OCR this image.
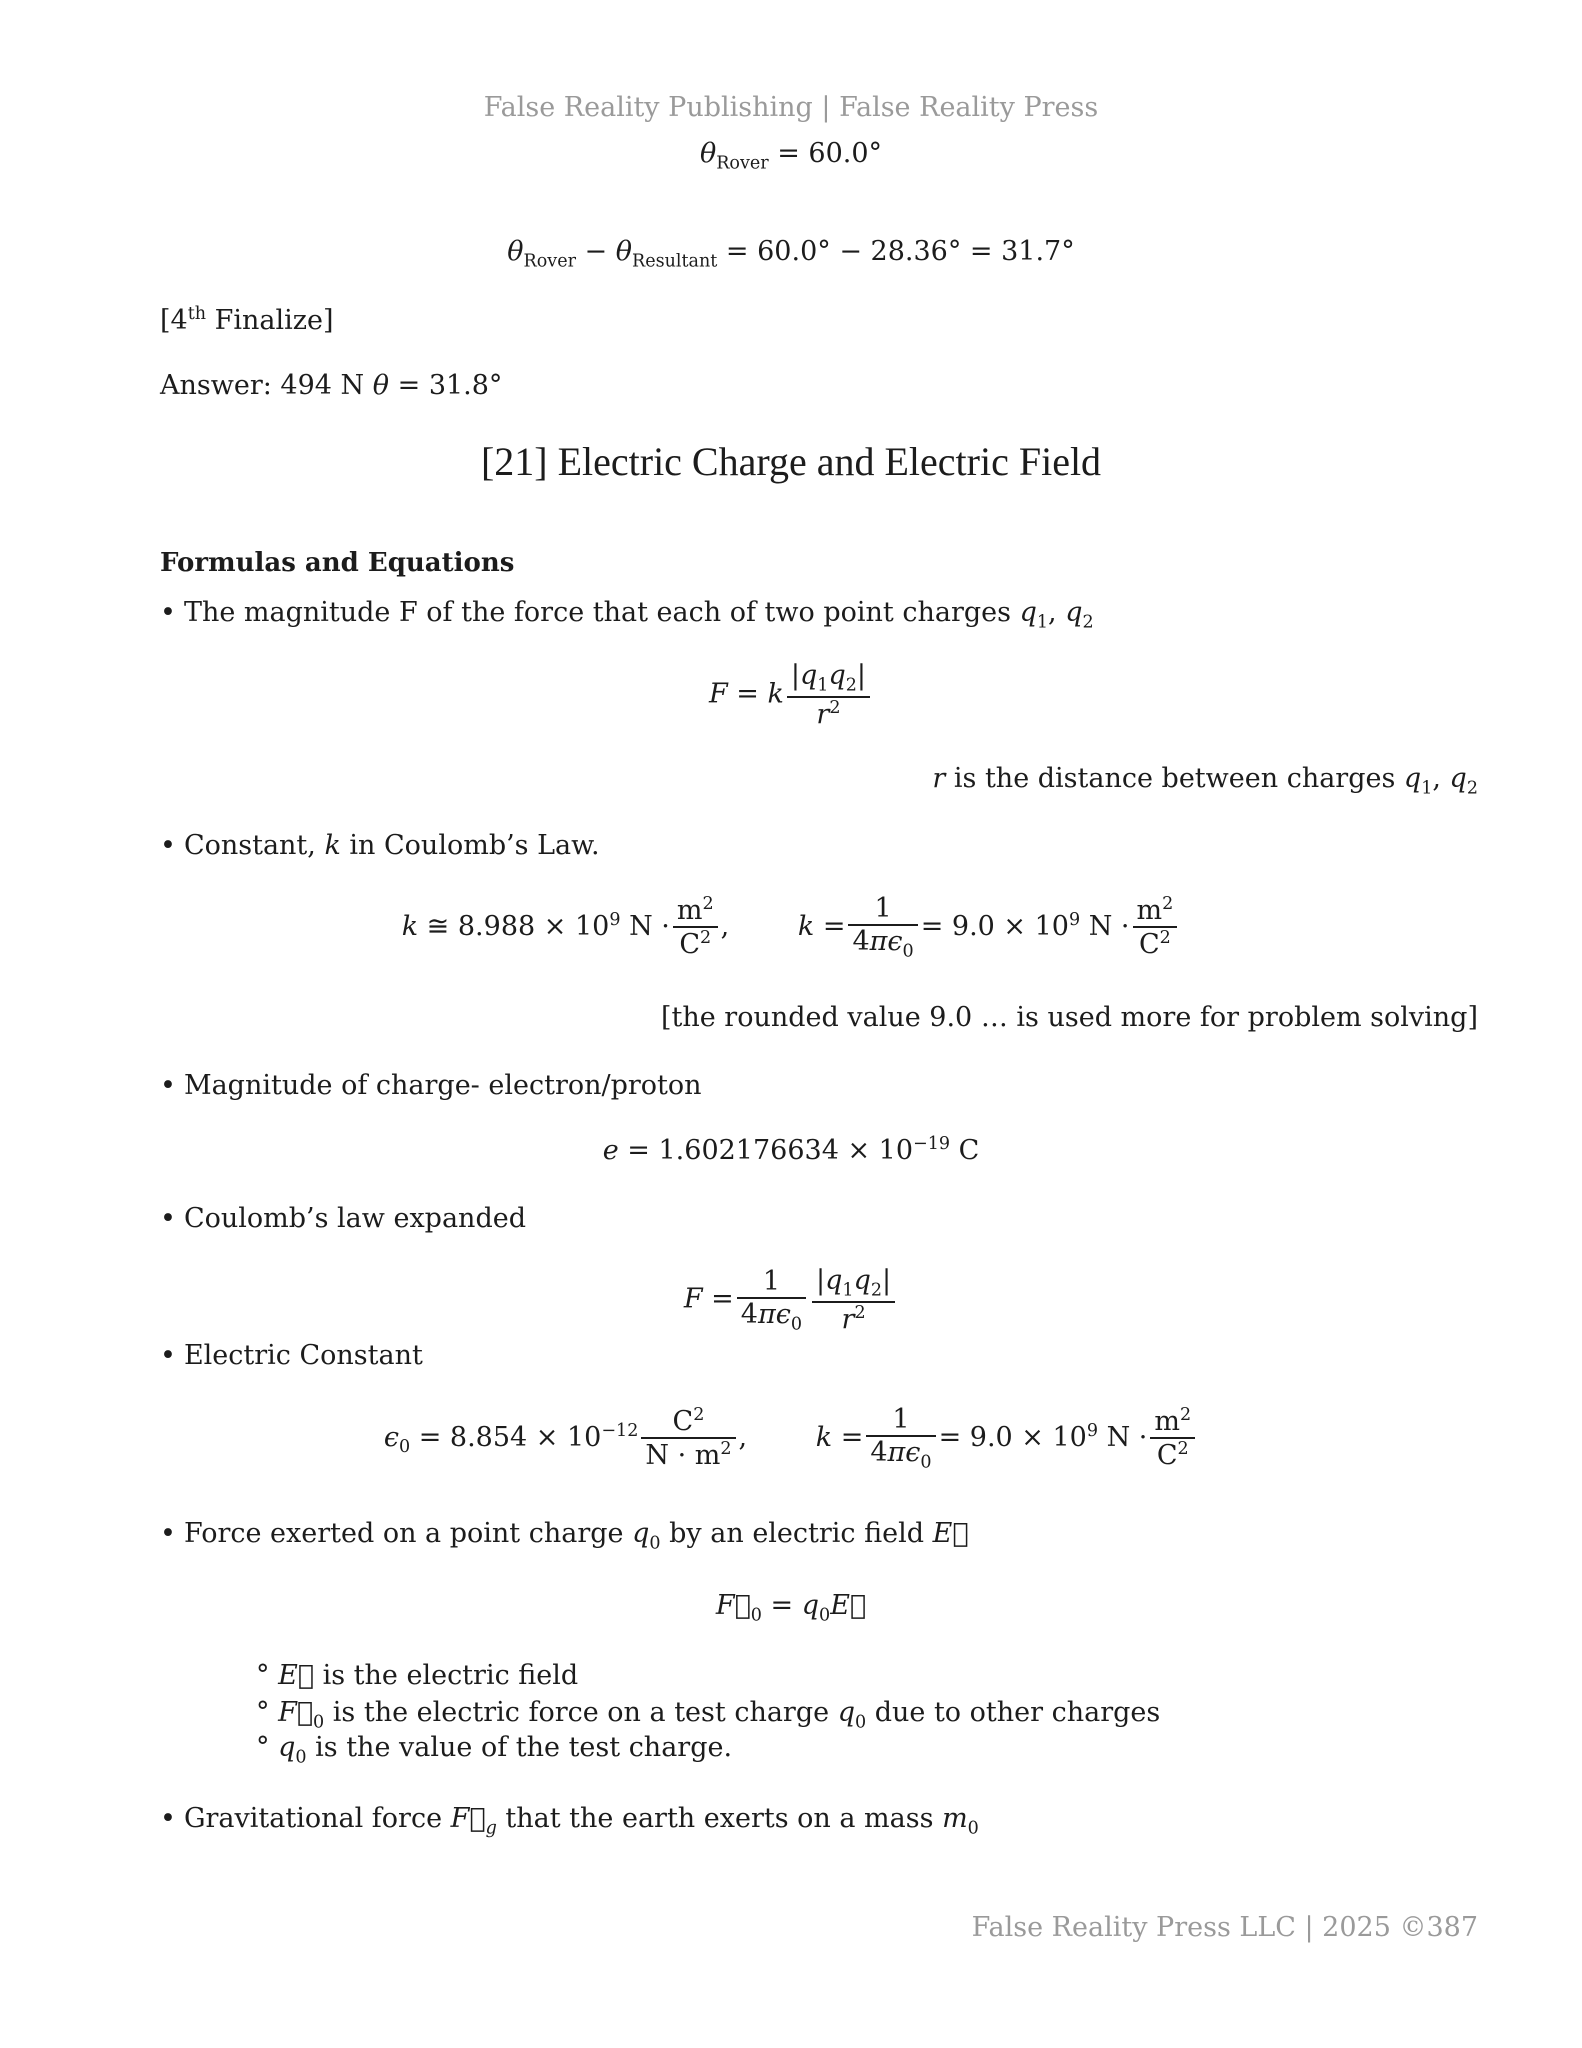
False Reality Publishing | False Reality Press
$\theta_{Rover} = 60.0^\circ$
$\theta_{Rover} - \theta_{Resultant} = 60.0^\circ - 28.36^\circ = 31.7^\circ$
[4th Finalize]
Answer: 494 N θ = 31.8°
[21] Electric Charge and Electric Field
Formulas and Equations
• The magnitude F of the force that each of two point charges $q_1$, $q_2$
F = k $\frac{|q_1q_2|}{r^2}$
r is the distance between charges $q_1$, $q_2$
• Constant, k in Coulomb’s Law.
k ≅ $8.988 \times 10^9$ $N \cdot \frac{m^2}{C^2}$ ,        $k = \frac{1}{4\pi\epsilon_0} = 9.0 \times 10^9$ $N \cdot \frac{m^2}{C^2}$
[the rounded value 9.0 … is used more for problem solving]
• Magnitude of charge- electron/proton
$e = 1.602176634 \times 10^{-19}$ C
• Coulomb’s law expanded
$F = \frac{1}{4\pi\epsilon_0} \frac{|q_1q_2|}{r^2}$
• Electric Constant
$\epsilon_0 = 8.854 \times 10^{-12} \frac{C^2}{N \cdot m^2}$ ,        $k = \frac{1}{4\pi\epsilon_0} = 9.0 \times 10^9$ $N \cdot \frac{m^2}{C^2}$
• Force exerted on a point charge $q_0$ by an electric field E⃗
$F⃗_0$ = $q_0E⃗$
° E⃗ is the electric field
° $F⃗_0$ is the electric force on a test charge $q_0$ due to other charges
° $q_0$ is the value of the test charge.
• Gravitational force $F⃗_g$ that the earth exerts on a mass $m_0$
False Reality Press LLC | 2025 ©387
